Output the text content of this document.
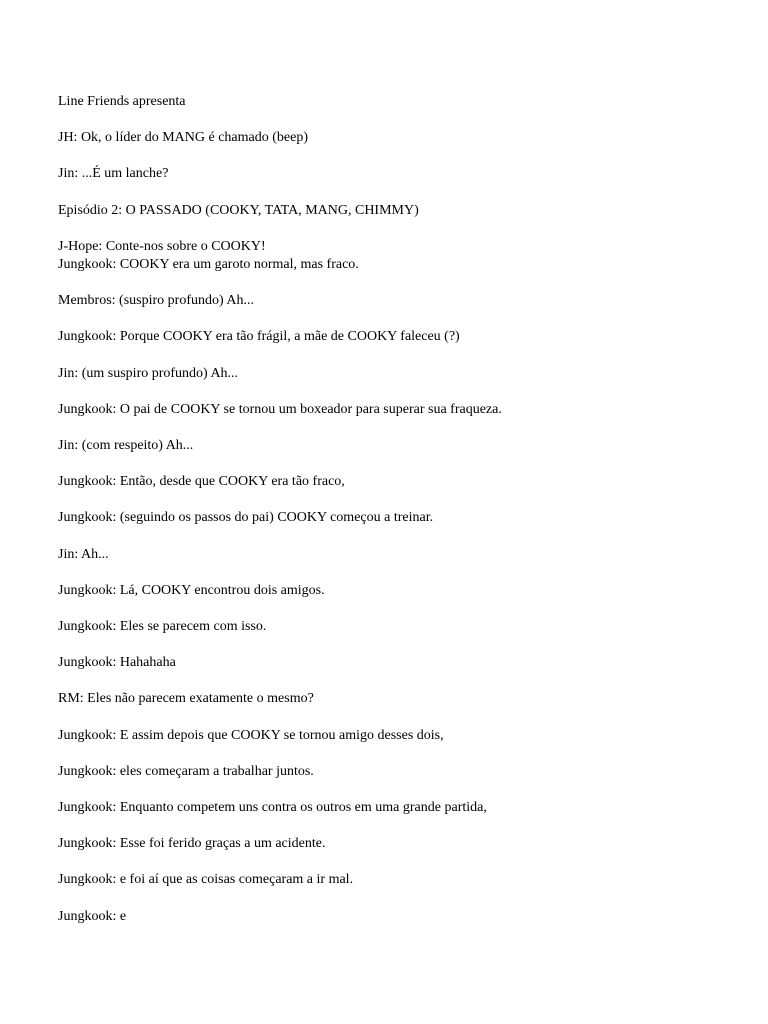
Line Friends apresenta

JH: Ok, o líder do MANG é chamado (beep)

Jin: ...É um lanche?

Episódio 2: O PASSADO (COOKY, TATA, MANG, CHIMMY)

J-Hope: Conte-nos sobre o COOKY!
Jungkook: COOKY era um garoto normal, mas fraco.

Membros: (suspiro profundo) Ah...

Jungkook: Porque COOKY era tão frágil, a mãe de COOKY faleceu (?)

Jin: (um suspiro profundo) Ah...

Jungkook: O pai de COOKY se tornou um boxeador para superar sua fraqueza.

Jin: (com respeito) Ah...

Jungkook: Então, desde que COOKY era tão fraco,

Jungkook: (seguindo os passos do pai) COOKY começou a treinar.

Jin: Ah...

Jungkook: Lá, COOKY encontrou dois amigos.

Jungkook: Eles se parecem com isso.

Jungkook: Hahahaha

RM: Eles não parecem exatamente o mesmo?

Jungkook: E assim depois que COOKY se tornou amigo desses dois,

Jungkook: eles começaram a trabalhar juntos.

Jungkook: Enquanto competem uns contra os outros em uma grande partida,

Jungkook: Esse foi ferido graças a um acidente.

Jungkook: e foi aí que as coisas começaram a ir mal.

Jungkook: e
